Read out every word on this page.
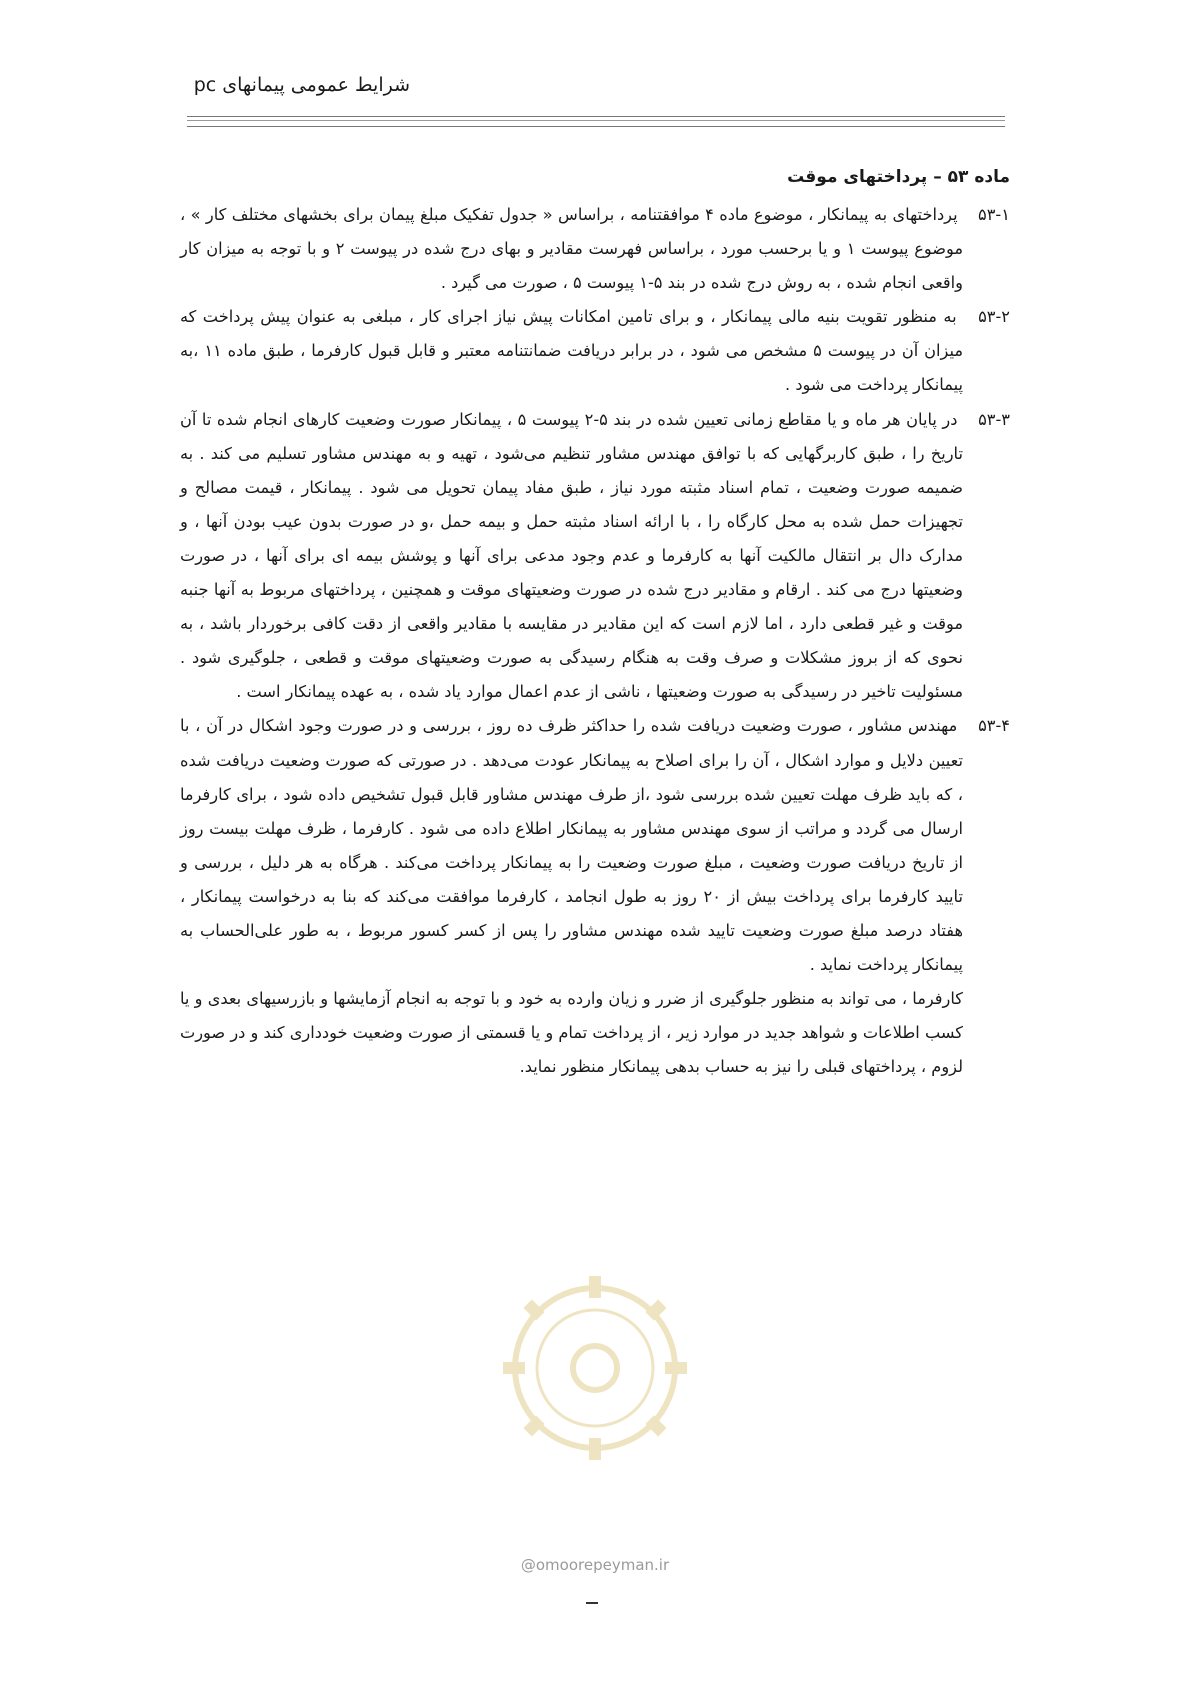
شرایط عمومی پیمانهای pc
ماده ۵۳ – پرداختهای موقت

۵۳-۱ پرداختهای به پیمانکار ، موضوع ماده ۴ موافقتنامه ، براساس « جدول تفکیک مبلغ پیمان برای بخشهای مختلف کار » ، موضوع پیوست ۱ و یا برحسب مورد ، براساس فهرست مقادیر و بهای درج شده در پیوست ۲ و با توجه به میزان کار واقعی انجام شده ، به روش درج شده در بند ۵-۱ پیوست ۵ ، صورت می گیرد .

۵۳-۲ به منظور تقویت بنیه مالی پیمانکار ، و برای تامین امکانات پیش نیاز اجرای کار ، مبلغی به عنوان پیش پرداخت که میزان آن در پیوست ۵ مشخص می شود ، در برابر دریافت ضمانتنامه معتبر و قابل قبول کارفرما ، طبق ماده ۱۱ ،به پیمانکار پرداخت می شود .

۵۳-۳ در پایان هر ماه و یا مقاطع زمانی تعیین شده در بند ۵-۲ پیوست ۵ ، پیمانکار صورت وضعیت کارهای انجام شده تا آن تاریخ را ، طبق کاربرگهایی که با توافق مهندس مشاور تنظیم می‌شود ، تهیه و به مهندس مشاور تسلیم می کند . به ضمیمه صورت وضعیت ، تمام اسناد مثبته مورد نیاز ، طبق مفاد پیمان تحویل می شود . پیمانکار ، قیمت مصالح و تجهیزات حمل شده به محل کارگاه را ، با ارائه اسناد مثبته حمل و بیمه حمل ،و در صورت بدون عیب بودن آنها ، و مدارک دال بر انتقال مالکیت آنها به کارفرما و عدم وجود مدعی برای آنها و پوشش بیمه ای برای آنها ، در صورت وضعیتها درج می کند . ارقام و مقادیر درج شده در صورت وضعیتهای موقت و همچنین ، پرداختهای مربوط به آنها جنبه موقت و غیر قطعی دارد ، اما لازم است که این مقادیر در مقایسه با مقادیر واقعی از دقت کافی برخوردار باشد ، به نحوی که از بروز مشکلات و صرف وقت به هنگام رسیدگی به صورت وضعیتهای موقت و قطعی ، جلوگیری شود . مسئولیت تاخیر در رسیدگی به صورت وضعیتها ، ناشی از عدم اعمال موارد یاد شده ، به عهده پیمانکار است .

۵۳-۴ مهندس مشاور ، صورت وضعیت دریافت شده را حداکثر ظرف ده روز ، بررسی و در صورت وجود اشکال در آن ، با تعیین دلایل و موارد اشکال ، آن را برای اصلاح به پیمانکار عودت می‌دهد . در صورتی که صورت وضعیت دریافت شده ، که باید ظرف مهلت تعیین شده بررسی شود ،از طرف مهندس مشاور قابل قبول تشخیص داده شود ، برای کارفرما ارسال می گردد و مراتب از سوی مهندس مشاور به پیمانکار اطلاع داده می شود . کارفرما ، ظرف مهلت بیست روز از تاریخ دریافت صورت وضعیت ، مبلغ صورت وضعیت را به پیمانکار پرداخت می‌کند . هرگاه به هر دلیل ، بررسی و تایید کارفرما برای پرداخت بیش از ۲۰ روز به طول انجامد ، کارفرما موافقت می‌کند که بنا به درخواست پیمانکار ، هفتاد درصد مبلغ صورت وضعیت تایید شده مهندس مشاور را پس از کسر کسور مربوط ، به طور علی‌الحساب به پیمانکار پرداخت نماید .

کارفرما ، می تواند به منظور جلوگیری از ضرر و زیان وارده به خود و با توجه به انجام آزمایشها و بازرسیهای بعدی و یا کسب اطلاعات و شواهد جدید در موارد زیر ، از پرداخت تمام و یا قسمتی از صورت وضعیت خودداری کند و در صورت لزوم ، پرداختهای قبلی را نیز به حساب بدهی پیمانکار منظور نماید.

@omoorepeyman.ir
